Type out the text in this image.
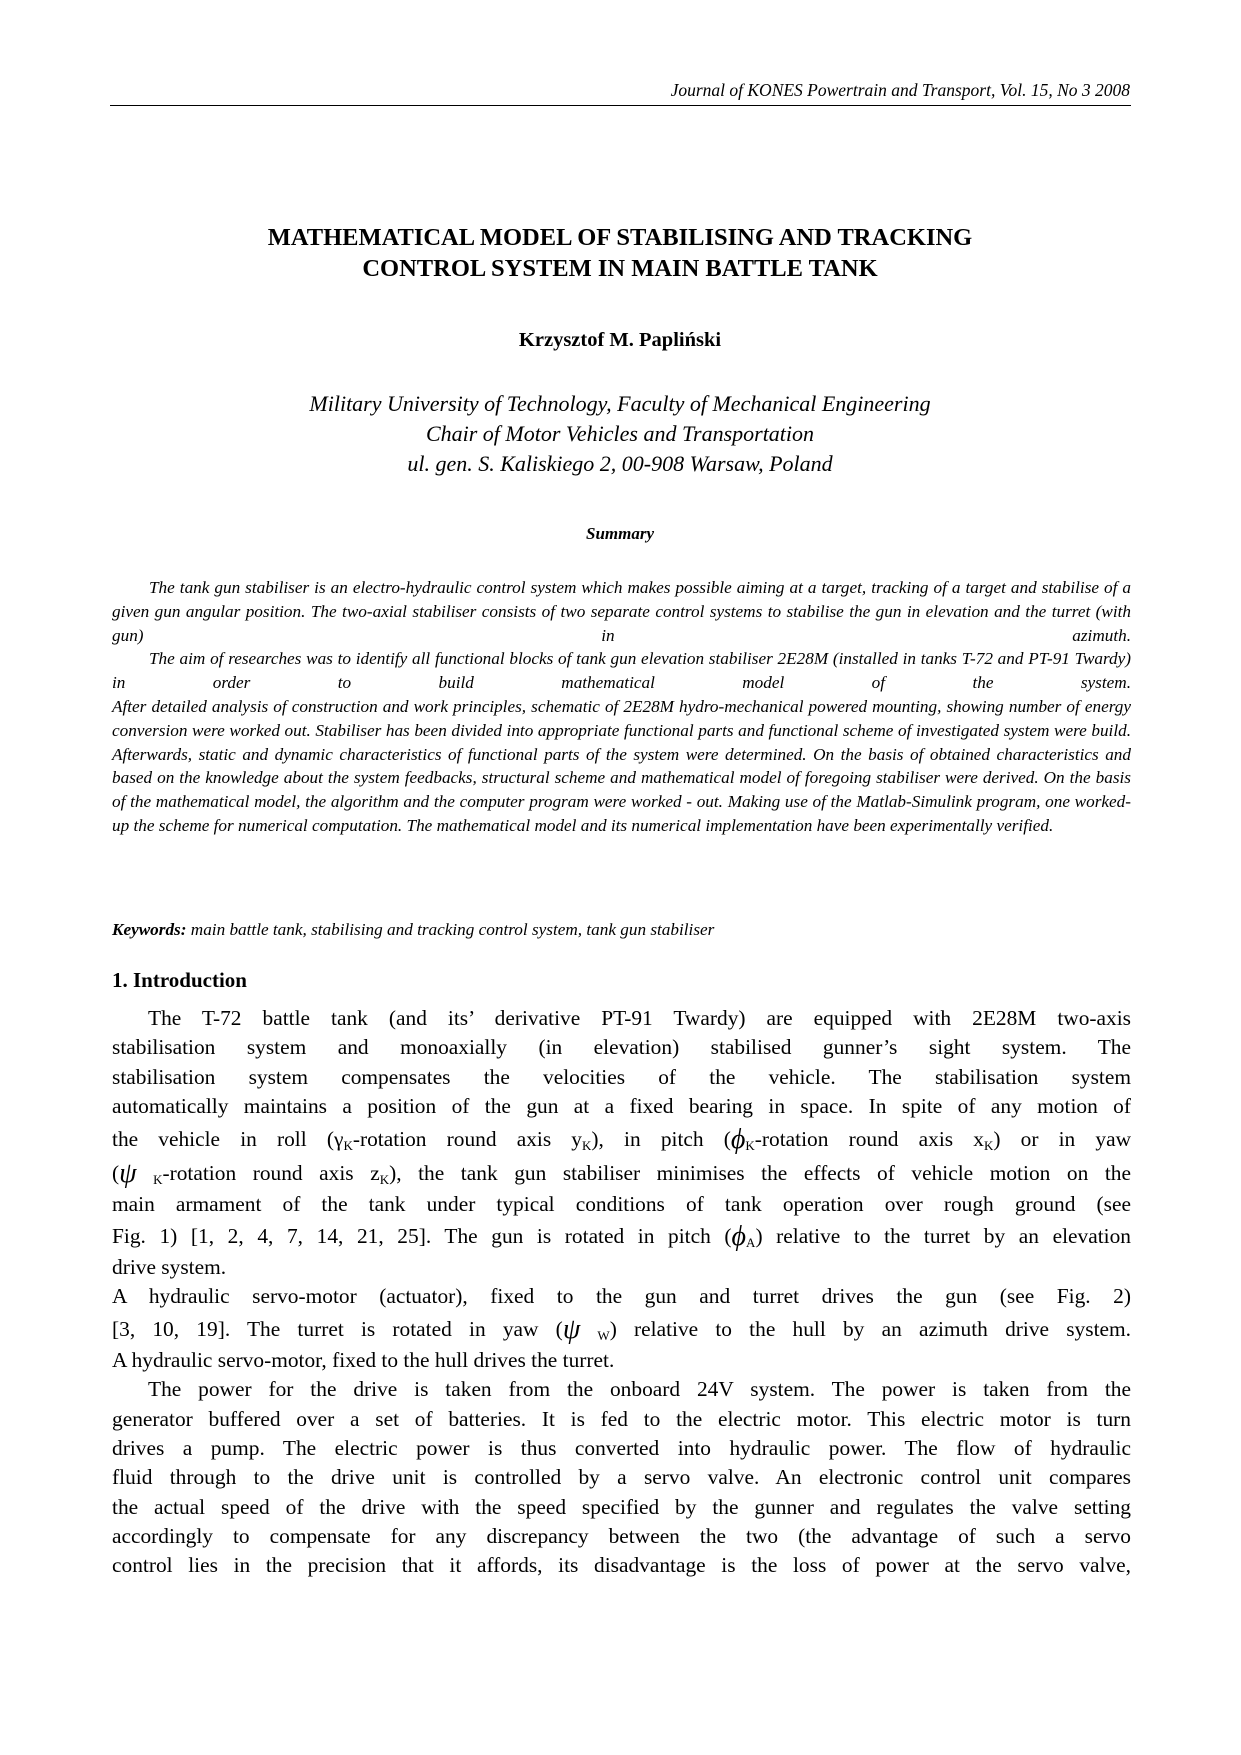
Journal of KONES Powertrain and Transport, Vol. 15, No 3 2008
MATHEMATICAL MODEL OF STABILISING AND TRACKING
CONTROL SYSTEM IN MAIN BATTLE TANK
Krzysztof M. Papliński
Military University of Technology, Faculty of Mechanical Engineering
Chair of Motor Vehicles and Transportation
ul. gen. S. Kaliskiego 2, 00-908 Warsaw, Poland
Summary

The tank gun stabiliser is an electro-hydraulic control system which makes possible aiming at a target, tracking of a target and stabilise of a given gun angular position. The two-axial stabiliser consists of two separate control systems to stabilise the gun in elevation and the turret (with gun) in azimuth.

The aim of researches was to identify all functional blocks of tank gun elevation stabiliser 2E28M (installed in tanks T-72 and PT-91 Twardy) in order to build mathematical model of the system.

After detailed analysis of construction and work principles, schematic of 2E28M hydro-mechanical powered mounting, showing number of energy conversion were worked out. Stabiliser has been divided into appropriate functional parts and functional scheme of investigated system were build. Afterwards, static and dynamic characteristics of functional parts of the system were determined. On the basis of obtained characteristics and based on the knowledge about the system feedbacks, structural scheme and mathematical model of foregoing stabiliser were derived. On the basis of the mathematical model, the algorithm and the computer program were worked - out. Making use of the Matlab-Simulink program, one worked-up the scheme for numerical computation. The mathematical model and its numerical implementation have been experimentally verified.

Keywords: main battle tank, stabilising and tracking control system, tank gun stabiliser
1. Introduction
The T-72 battle tank (and its’ derivative PT-91 Twardy) are equipped with 2E28M two-axis
stabilisation system and monoaxially (in elevation) stabilised gunner’s sight system. The
stabilisation system compensates the velocities of the vehicle. The stabilisation system
automatically maintains a position of the gun at a fixed bearing in space. In spite of any motion of
the vehicle in roll ($\gamma_K$-rotation round axis $y_K$), in pitch ($\phi_K$-rotation round axis $x_K$) or in yaw
(ψ $_K$-rotation round axis $z_K$), the tank gun stabiliser minimises the effects of vehicle motion on the
main armament of the tank under typical conditions of tank operation over rough ground (see
Fig. 1) [1, 2, 4, 7, 14, 21, 25]. The gun is rotated in pitch $(\phi_A)$ relative to the turret by an elevation
drive system.
A hydraulic servo-motor (actuator), fixed to the gun and turret drives the gun (see Fig. 2)
[3, 10, 19]. The turret is rotated in yaw (ψ $_W$) relative to the hull by an azimuth drive system.
A hydraulic servo-motor, fixed to the hull drives the turret.
The power for the drive is taken from the onboard 24V system. The power is taken from the
generator buffered over a set of batteries. It is fed to the electric motor. This electric motor is turn
drives a pump. The electric power is thus converted into hydraulic power. The flow of hydraulic
fluid through to the drive unit is controlled by a servo valve. An electronic control unit compares
the actual speed of the drive with the speed specified by the gunner and regulates the valve setting
accordingly to compensate for any discrepancy between the two (the advantage of such a servo
control lies in the precision that it affords, its disadvantage is the loss of power at the servo valve,
